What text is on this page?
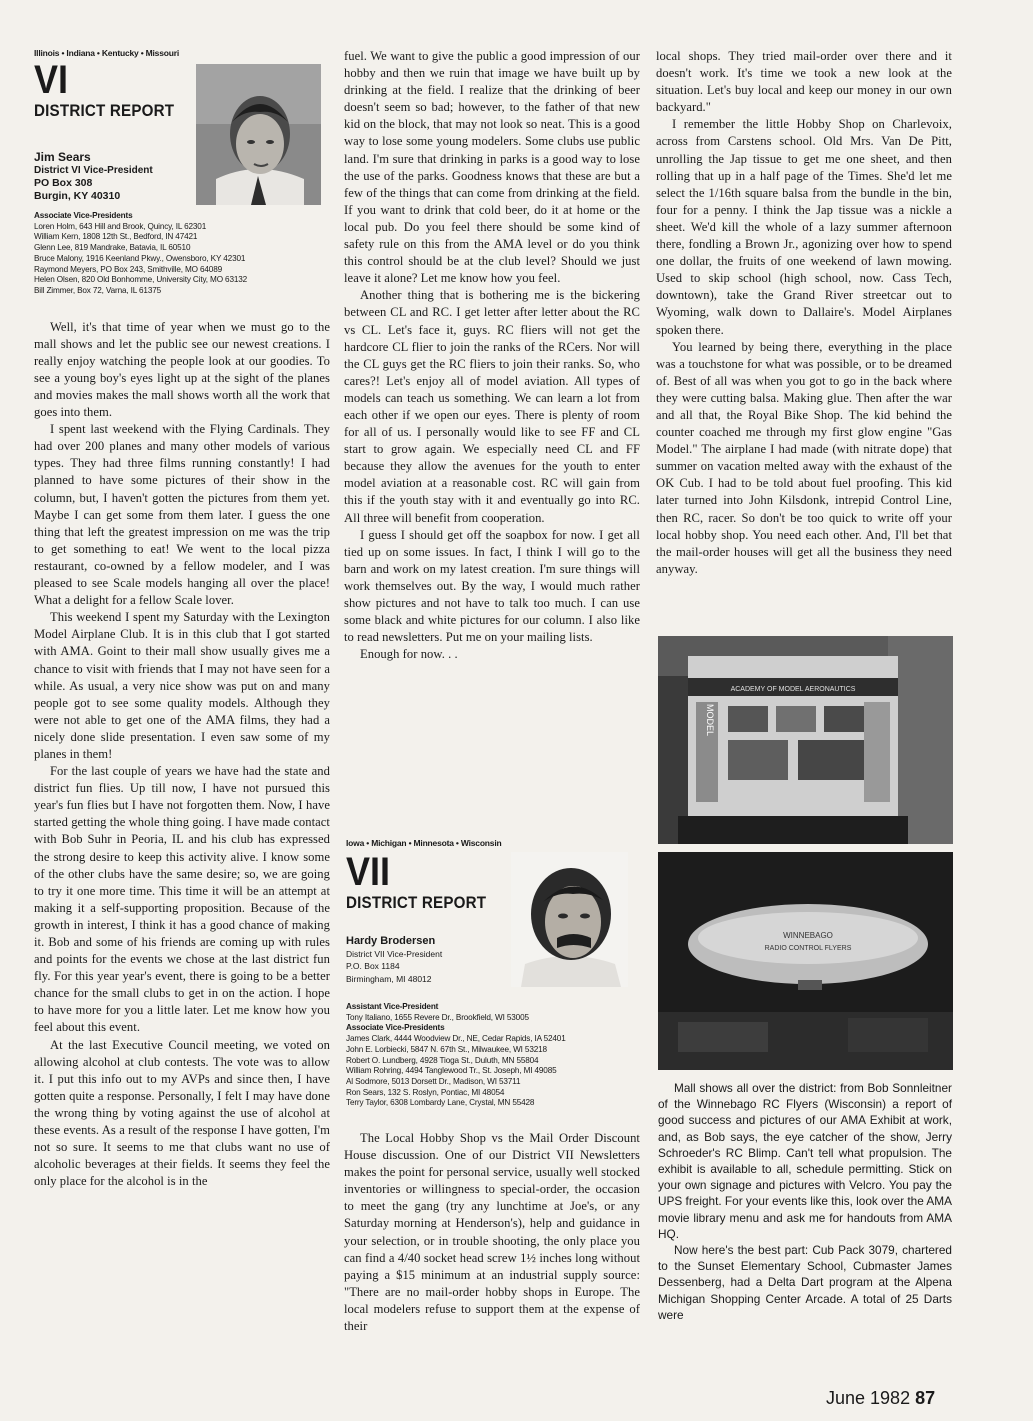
Illinois • Indiana • Kentucky • Missouri
VI
DISTRICT REPORT
Jim Sears
District VI Vice-President
PO Box 308
Burgin, KY 40310
Associate Vice-Presidents
Loren Holm, 643 Hill and Brook, Quincy, IL 62301
William Kern, 1808 12th St., Bedford, IN 47421
Glenn Lee, 819 Mandrake, Batavia, IL 60510
Bruce Malony, 1916 Keenland Pkwy., Owensboro, KY 42301
Raymond Meyers, PO Box 243, Smithville, MO 64089
Helen Olsen, 820 Old Bonhomme, University City, MO 63132
Bill Zimmer, Box 72, Varna, IL 61375

Well, it's that time of year when we must go to the mall shows and let the public see our newest creations. I really enjoy watching the people look at our goodies. To see a young boy's eyes light up at the sight of the planes and movies makes the mall shows worth all the work that goes into them.

I spent last weekend with the Flying Cardinals. They had over 200 planes and many other models of various types. They had three films running constantly! I had planned to have some pictures of their show in the column, but, I haven't gotten the pictures from them yet. Maybe I can get some from them later. I guess the one thing that left the greatest impression on me was the trip to get something to eat! We went to the local pizza restaurant, co-owned by a fellow modeler, and I was pleased to see Scale models hanging all over the place! What a delight for a fellow Scale lover.

This weekend I spent my Saturday with the Lexington Model Airplane Club. It is in this club that I got started with AMA. Goint to their mall show usually gives me a chance to visit with friends that I may not have seen for a while. As usual, a very nice show was put on and many people got to see some quality models. Although they were not able to get one of the AMA films, they had a nicely done slide presentation. I even saw some of my planes in them!

For the last couple of years we have had the state and district fun flies. Up till now, I have not pursued this year's fun flies but I have not forgotten them. Now, I have started getting the whole thing going. I have made contact with Bob Suhr in Peoria, IL and his club has expressed the strong desire to keep this activity alive. I know some of the other clubs have the same desire; so, we are going to try it one more time. This time it will be an attempt at making it a self-supporting proposition. Because of the growth in interest, I think it has a good chance of making it. Bob and some of his friends are coming up with rules and points for the events we chose at the last district fun fly. For this year year's event, there is going to be a better chance for the small clubs to get in on the action. I hope to have more for you a little later. Let me know how you feel about this event.

At the last Executive Council meeting, we voted on allowing alcohol at club contests. The vote was to allow it. I put this info out to my AVPs and since then, I have gotten quite a response. Personally, I felt I may have done the wrong thing by voting against the use of alcohol at these events. As a result of the response I have gotten, I'm not so sure. It seems to me that clubs want no use of alcoholic beverages at their fields. It seems they feel the only place for the alcohol is in the

fuel. We want to give the public a good impression of our hobby and then we ruin that image we have built up by drinking at the field. I realize that the drinking of beer doesn't seem so bad; however, to the father of that new kid on the block, that may not look so neat. This is a good way to lose some young modelers. Some clubs use public land. I'm sure that drinking in parks is a good way to lose the use of the parks. Goodness knows that these are but a few of the things that can come from drinking at the field. If you want to drink that cold beer, do it at home or the local pub. Do you feel there should be some kind of safety rule on this from the AMA level or do you think this control should be at the club level? Should we just leave it alone? Let me know how you feel.

Another thing that is bothering me is the bickering between CL and RC. I get letter after letter about the RC vs CL. Let's face it, guys. RC fliers will not get the hardcore CL flier to join the ranks of the RCers. Nor will the CL guys get the RC fliers to join their ranks. So, who cares?! Let's enjoy all of model aviation. All types of models can teach us something. We can learn a lot from each other if we open our eyes. There is plenty of room for all of us. I personally would like to see FF and CL start to grow again. We especially need CL and FF because they allow the avenues for the youth to enter model aviation at a reasonable cost. RC will gain from this if the youth stay with it and eventually go into RC. All three will benefit from cooperation.

I guess I should get off the soapbox for now. I get all tied up on some issues. In fact, I think I will go to the barn and work on my latest creation. I'm sure things will work themselves out. By the way, I would much rather show pictures and not have to talk too much. I can use some black and white pictures for our column. I also like to read newsletters. Put me on your mailing lists.

Enough for now. . .

Iowa • Michigan • Minnesota • Wisconsin
VII
DISTRICT REPORT
Hardy Brodersen
District VII Vice-President
P.O. Box 1184
Birmingham, MI 48012
Assistant Vice-President
Tony Italiano, 1655 Revere Dr., Brookfield, WI 53005
Associate Vice-Presidents
James Clark, 4444 Woodview Dr., NE, Cedar Rapids, IA 52401
John E. Lorbiecki, 5847 N. 67th St., Milwaukee, WI 53218
Robert O. Lundberg, 4928 Tioga St., Duluth, MN 55804
William Rohring, 4494 Tanglewood Tr., St. Joseph, MI 49085
Al Sodmore, 5013 Dorsett Dr., Madison, WI 53711
Ron Sears, 132 S. Roslyn, Pontiac, MI 48054
Terry Taylor, 6308 Lombardy Lane, Crystal, MN 55428

The Local Hobby Shop vs the Mail Order Discount House discussion. One of our District VII Newsletters makes the point for personal service, usually well stocked inventories or willingness to special-order, the occasion to meet the gang (try any lunchtime at Joe's, or any Saturday morning at Henderson's), help and guidance in your selection, or in trouble shooting, the only place you can find a 4/40 socket head screw 1½ inches long without paying a $15 minimum at an industrial supply source: "There are no mail-order hobby shops in Europe. The local modelers refuse to support them at the expense of their

local shops. They tried mail-order over there and it doesn't work. It's time we took a new look at the situation. Let's buy local and keep our money in our own backyard."

I remember the little Hobby Shop on Charlevoix, across from Carstens school. Old Mrs. Van De Pitt, unrolling the Jap tissue to get me one sheet, and then rolling that up in a half page of the Times. She'd let me select the 1/16th square balsa from the bundle in the bin, four for a penny. I think the Jap tissue was a nickle a sheet. We'd kill the whole of a lazy summer afternoon there, fondling a Brown Jr., agonizing over how to spend one dollar, the fruits of one weekend of lawn mowing. Used to skip school (high school, now. Cass Tech, downtown), take the Grand River streetcar out to Wyoming, walk down to Dallaire's. Model Airplanes spoken there.

You learned by being there, everything in the place was a touchstone for what was possible, or to be dreamed of. Best of all was when you got to go in the back where they were cutting balsa. Making glue. Then after the war and all that, the Royal Bike Shop. The kid behind the counter coached me through my first glow engine "Gas Model." The airplane I had made (with nitrate dope) that summer on vacation melted away with the exhaust of the OK Cub. I had to be told about fuel proofing. This kid later turned into John Kilsdonk, intrepid Control Line, then RC, racer. So don't be too quick to write off your local hobby shop. You need each other. And, I'll bet that the mail-order houses will get all the business they need anyway.

ACADEMY OF MODEL AERONAUTICS
MODEL
WINNEBAGO
RADIO CONTROL FLYERS

Mall shows all over the district: from Bob Sonnleitner of the Winnebago RC Flyers (Wisconsin) a report of good success and pictures of our AMA Exhibit at work, and, as Bob says, the eye catcher of the show, Jerry Schroeder's RC Blimp. Can't tell what propulsion. The exhibit is available to all, schedule permitting. Stick on your own signage and pictures with Velcro. You pay the UPS freight. For your events like this, look over the AMA movie library menu and ask me for handouts from AMA HQ.

Now here's the best part: Cub Pack 3079, chartered to the Sunset Elementary School, Cubmaster James Dessenberg, had a Delta Dart program at the Alpena Michigan Shopping Center Arcade. A total of 25 Darts were

June 1982 87
